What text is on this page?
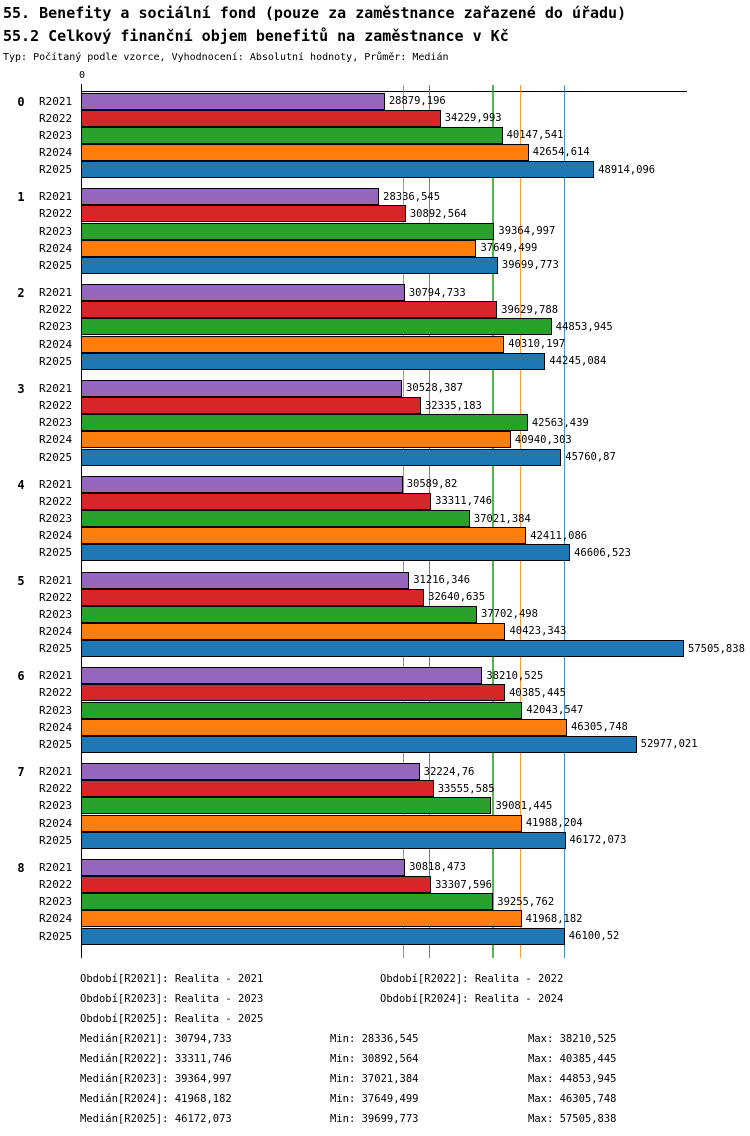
55. Benefity a sociální fond (pouze za zaměstnance zařazené do úřadu)
55.2 Celkový finanční objem benefitů na zaměstnance v Kč
Typ: Počítaný podle vzorce, Vyhodnocení: Absolutní hodnoty, Průměr: Medián
0
0	R2021	28879,196
R2022	34229,993
R2023	40147,541
R2024	42654,614
R2025	48914,096
1	R2021	28336,545
R2022	30892,564
R2023	39364,997
R2024	37649,499
R2025	39699,773
2	R2021	30794,733
R2022	39629,788
R2023	44853,945
R2024	40310,197
R2025	44245,084
3	R2021	30528,387
R2022	32335,183
R2023	42563,439
R2024	40940,303
R2025	45760,87
4	R2021	30589,82
R2022	33311,746
R2023	37021,384
R2024	42411,086
R2025	46606,523
5	R2021	31216,346
R2022	32640,635
R2023	37702,498
R2024	40423,343
R2025	57505,838
6	R2021	38210,525
R2022	40385,445
R2023	42043,547
R2024	46305,748
R2025	52977,021
7	R2021	32224,76
R2022	33555,585
R2023	39081,445
R2024	41988,204
R2025	46172,073
8	R2021	30818,473
R2022	33307,596
R2023	39255,762
R2024	41968,182
R2025	46100,52
Období[R2021]: Realita - 2021	Období[R2022]: Realita - 2022
Období[R2023]: Realita - 2023	Období[R2024]: Realita - 2024
Období[R2025]: Realita - 2025
Medián[R2021]: 30794,733	Min: 28336,545	Max: 38210,525
Medián[R2022]: 33311,746	Min: 30892,564	Max: 40385,445
Medián[R2023]: 39364,997	Min: 37021,384	Max: 44853,945
Medián[R2024]: 41968,182	Min: 37649,499	Max: 46305,748
Medián[R2025]: 46172,073	Min: 39699,773	Max: 57505,838
